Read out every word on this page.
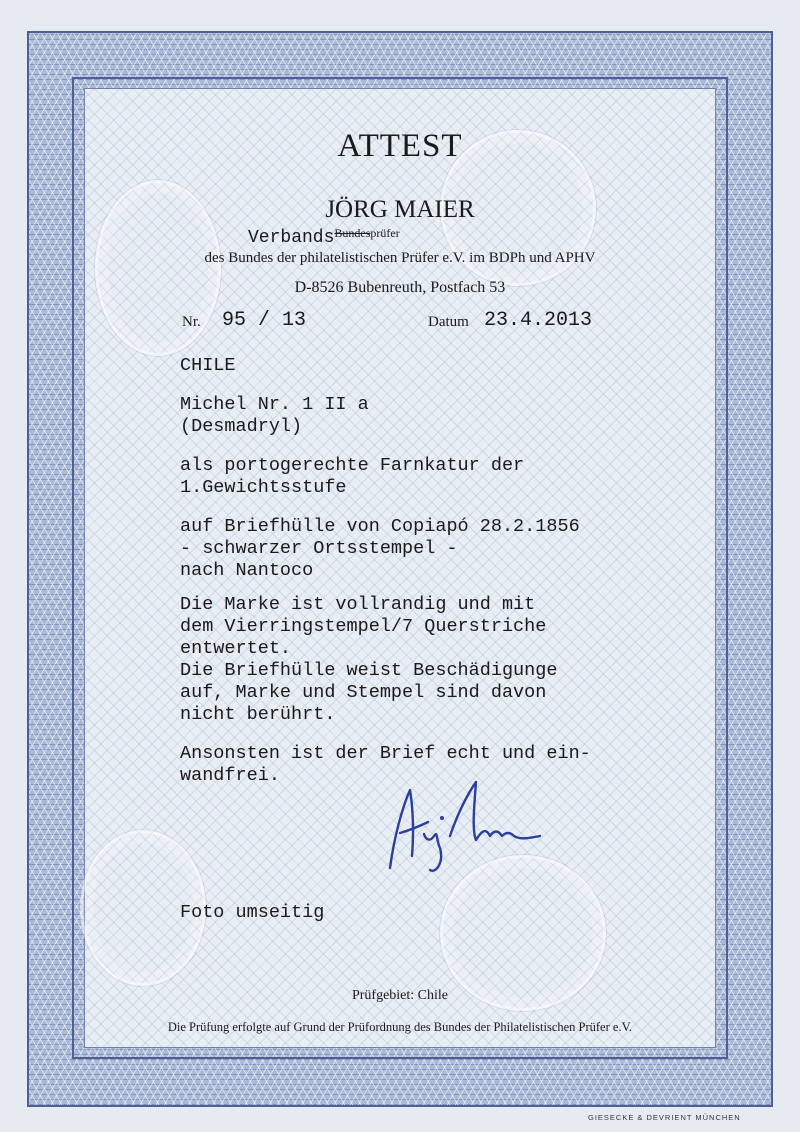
ATTEST
JÖRG MAIER
Verbands$^{Bundesprüfer}$
des Bundes der philatelistischen Prüfer e.V. im BDPh und APHV
D-8526 Bubenreuth, Postfach 53
Nr. 95 / 13	Datum 23.4.2013
CHILE
Michel Nr. 1 II a
(Desmadryl)
als portogerechte Farnkatur der
1.Gewichtsstufe
auf Briefhülle von Copiapó 28.2.1856
- schwarzer Ortsstempel -
nach Nantoco
Die Marke ist vollrandig und mit
dem Vierringstempel/7 Querstriche
entwertet.
Die Briefhülle weist Beschädigunge
auf, Marke und Stempel sind davon
nicht berührt.
Ansonsten ist der Brief echt und ein-
wandfrei.
Foto umseitig
Prüfgebiet: Chile
Die Prüfung erfolgte auf Grund der Prüfordnung des Bundes der Philatelistischen Prüfer e.V.
GIESECKE & DEVRIENT MÜNCHEN
